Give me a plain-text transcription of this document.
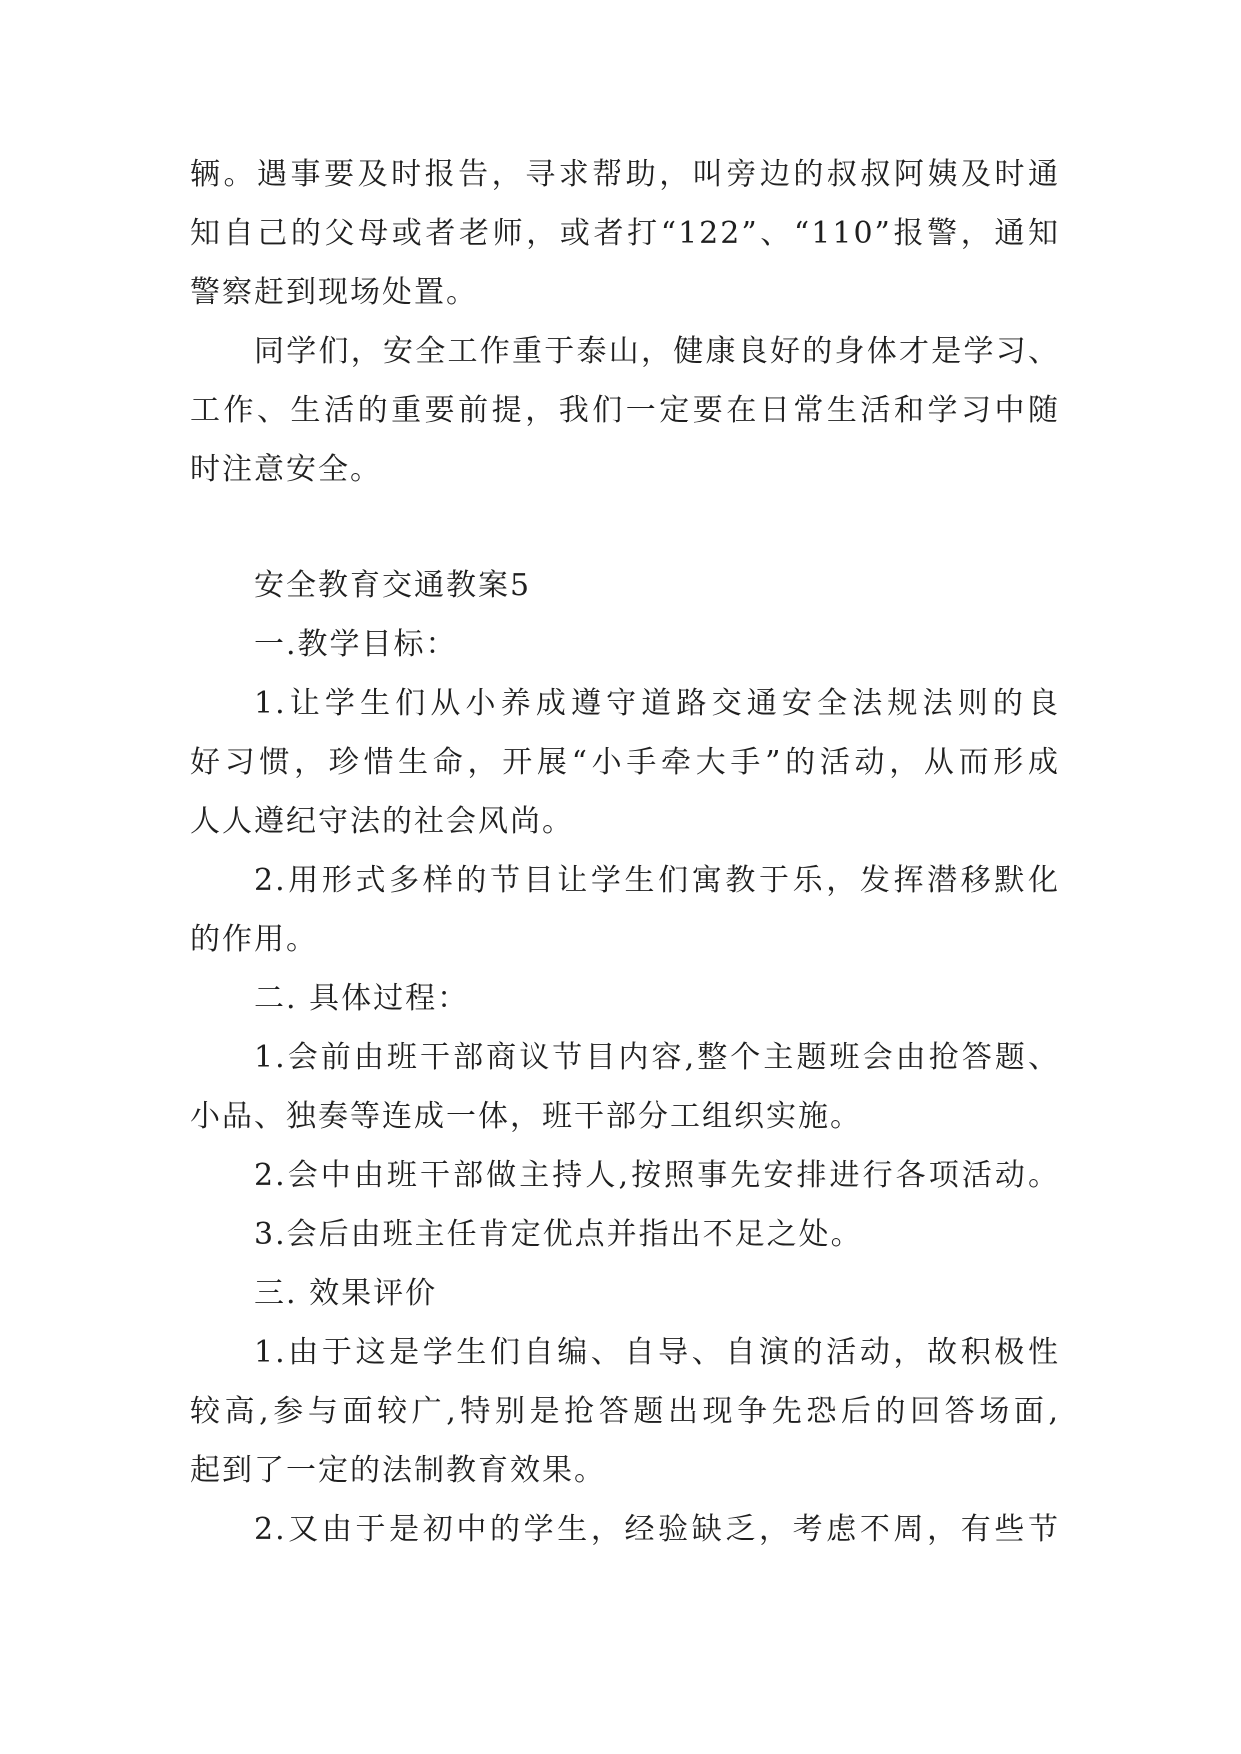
辆。遇事要及时报告，寻求帮助，叫旁边的叔叔阿姨及时通
知自己的父母或者老师，或者打“122”、“110”报警，通知
警察赶到现场处置。
同学们，安全工作重于泰山，健康良好的身体才是学习、
工作、生活的重要前提，我们一定要在日常生活和学习中随
时注意安全。
安全教育交通教案5
一.教学目标：
1.让学生们从小养成遵守道路交通安全法规法则的良
好习惯，珍惜生命，开展“小手牵大手”的活动，从而形成
人人遵纪守法的社会风尚。
2.用形式多样的节目让学生们寓教于乐，发挥潜移默化
的作用。
二. 具体过程：
1.会前由班干部商议节目内容,整个主题班会由抢答题、
小品、独奏等连成一体，班干部分工组织实施。
2.会中由班干部做主持人,按照事先安排进行各项活动。
3.会后由班主任肯定优点并指出不足之处。
三. 效果评价
1.由于这是学生们自编、自导、自演的活动，故积极性
较高,参与面较广,特别是抢答题出现争先恐后的回答场面,
起到了一定的法制教育效果。
2.又由于是初中的学生，经验缺乏，考虑不周，有些节
